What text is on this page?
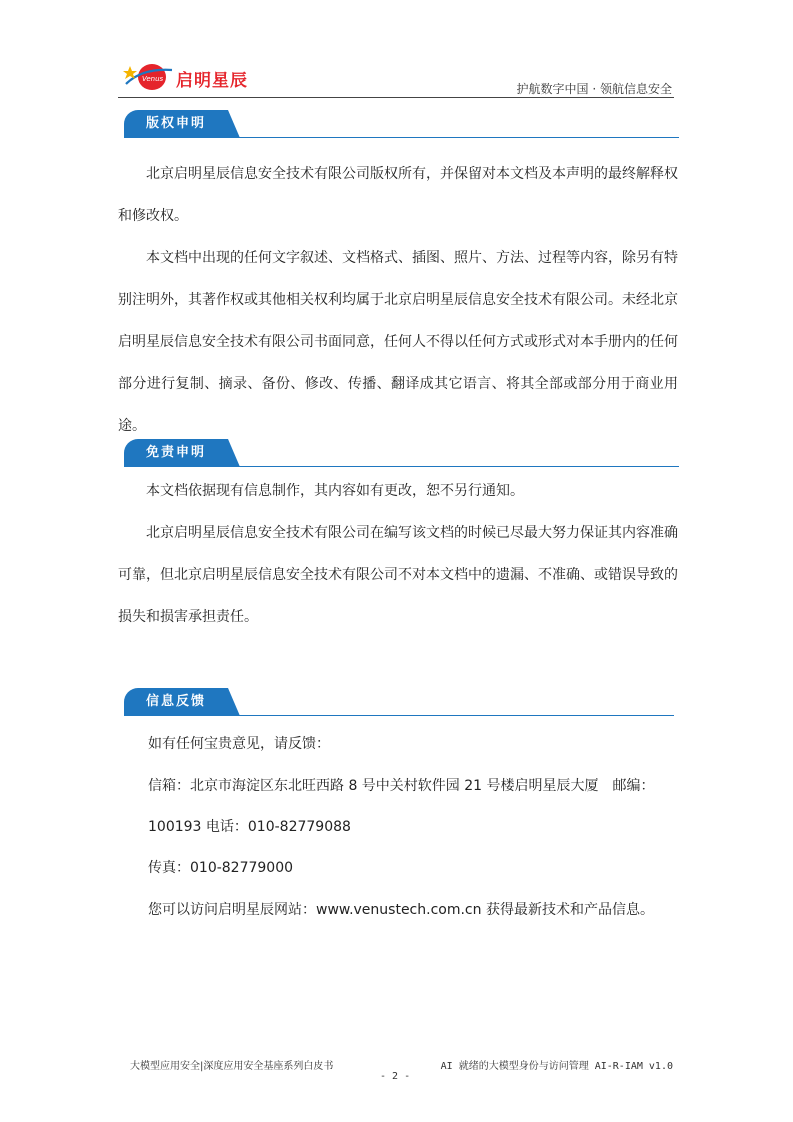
Venus 启明星辰	护航数字中国 · 领航信息安全
版权申明
北京启明星辰信息安全技术有限公司版权所有，并保留对本文档及本声明的最终解释权和修改权。
本文档中出现的任何文字叙述、文档格式、插图、照片、方法、过程等内容，除另有特别注明外，其著作权或其他相关权利均属于北京启明星辰信息安全技术有限公司。未经北京启明星辰信息安全技术有限公司书面同意，任何人不得以任何方式或形式对本手册内的任何部分进行复制、摘录、备份、修改、传播、翻译成其它语言、将其全部或部分用于商业用途。
免责申明
本文档依据现有信息制作，其内容如有更改，恕不另行通知。
北京启明星辰信息安全技术有限公司在编写该文档的时候已尽最大努力保证其内容准确可靠，但北京启明星辰信息安全技术有限公司不对本文档中的遗漏、不准确、或错误导致的损失和损害承担责任。
信息反馈
如有任何宝贵意见，请反馈：
信箱：北京市海淀区东北旺西路 8 号中关村软件园 21 号楼启明星辰大厦　邮编：
100193 电话：010-82779088
传真：010-82779000
您可以访问启明星辰网站：www.venustech.com.cn 获得最新技术和产品信息。
大模型应用安全|深度应用安全基座系列白皮书	AI 就绪的大模型身份与访问管理 AI-R-IAM v1.0
- 2 -
